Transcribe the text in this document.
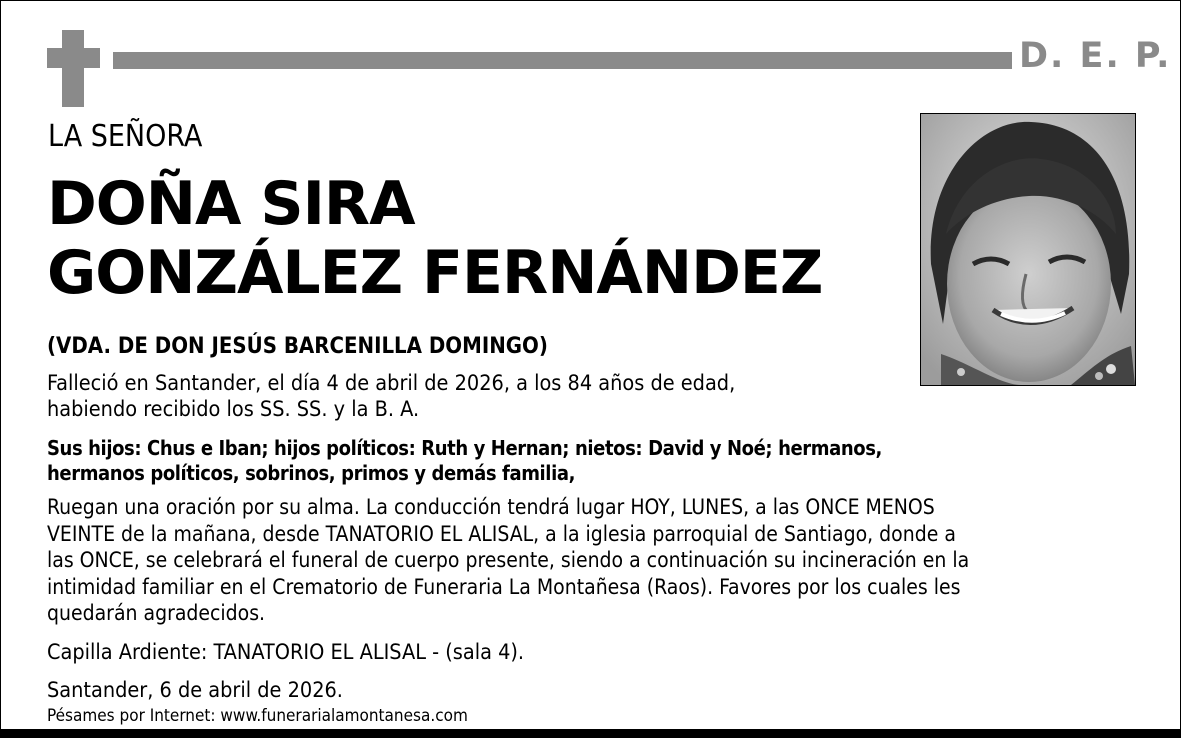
D. E. P.
LA SEÑORA
DOÑA SIRA
GONZÁLEZ FERNÁNDEZ
(VDA. DE DON JESÚS BARCENILLA DOMINGO)
Falleció en Santander, el día 4 de abril de 2026, a los 84 años de edad,
habiendo recibido los SS. SS. y la B. A.
Sus hijos: Chus e Iban; hijos políticos: Ruth y Hernan; nietos: David y Noé; hermanos,
hermanos políticos, sobrinos, primos y demás familia,
Ruegan una oración por su alma. La conducción tendrá lugar HOY, LUNES, a las ONCE MENOS
VEINTE de la mañana, desde TANATORIO EL ALISAL, a la iglesia parroquial de Santiago, donde a
las ONCE, se celebrará el funeral de cuerpo presente, siendo a continuación su incineración en la
intimidad familiar en el Crematorio de Funeraria La Montañesa (Raos). Favores por los cuales les
quedarán agradecidos.
Capilla Ardiente: TANATORIO EL ALISAL - (sala 4).
Santander, 6 de abril de 2026.
Pésames por Internet: www.funerarialamontanesa.com
